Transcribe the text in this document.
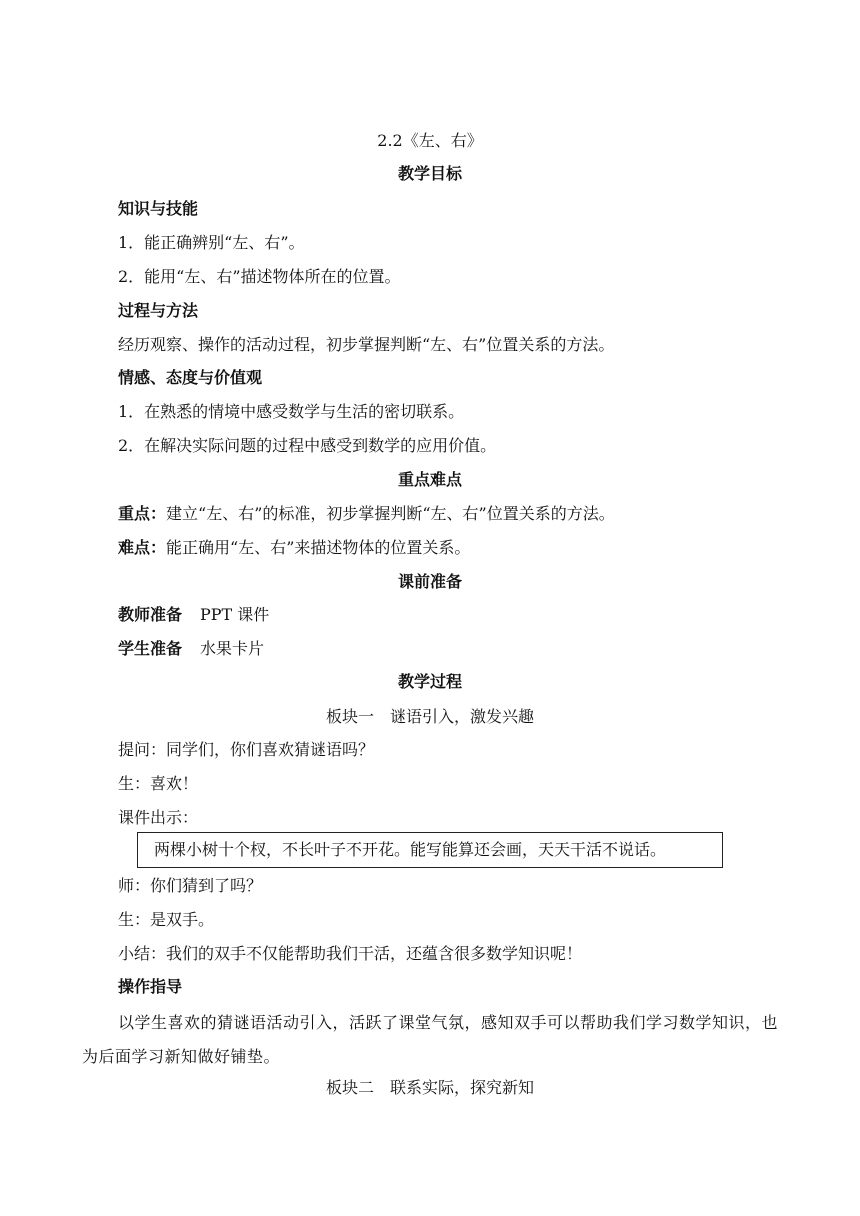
2.2《左、右》
教学目标
知识与技能
1．能正确辨别“左、右”。
2．能用“左、右”描述物体所在的位置。
过程与方法
经历观察、操作的活动过程，初步掌握判断“左、右”位置关系的方法。
情感、态度与价值观
1．在熟悉的情境中感受数学与生活的密切联系。
2．在解决实际问题的过程中感受到数学的应用价值。
重点难点
重点：建立“左、右”的标准，初步掌握判断“左、右”位置关系的方法。
难点：能正确用“左、右”来描述物体的位置关系。
课前准备
教师准备 PPT 课件
学生准备 水果卡片
教学过程
板块一　谜语引入，激发兴趣
提问：同学们，你们喜欢猜谜语吗？
生：喜欢！
课件出示：
两棵小树十个杈，不长叶子不开花。能写能算还会画，天天干活不说话。
师：你们猜到了吗？
生：是双手。
小结：我们的双手不仅能帮助我们干活，还蕴含很多数学知识呢！
操作指导
以学生喜欢的猜谜语活动引入，活跃了课堂气氛，感知双手可以帮助我们学习数学知识，也为后面学习新知做好铺垫。
板块二　联系实际，探究新知
